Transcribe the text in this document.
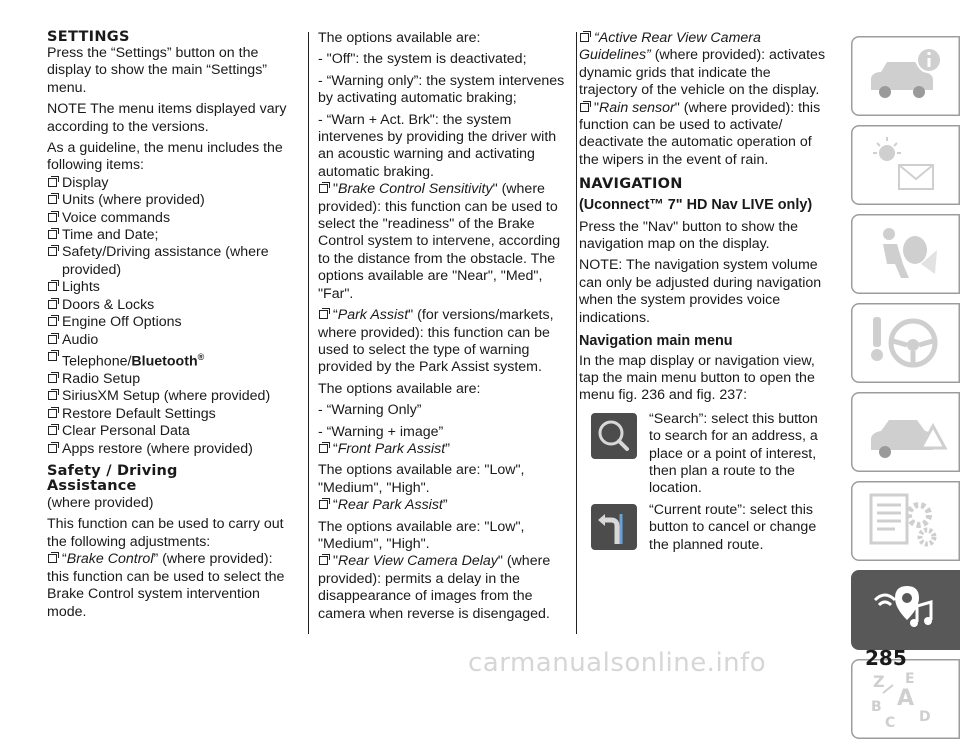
SETTINGS

Press the “Settings” button on the display to show the main “Settings” menu.

NOTE The menu items displayed vary according to the versions.

As a guideline, the menu includes the following items:

Display
Units (where provided)
Voice commands
Time and Date;
Safety/Driving assistance (where provided)
Lights
Doors & Locks
Engine Off Options
Audio
Telephone/Bluetooth®
Radio Setup
SiriusXM Setup (where provided)
Restore Default Settings
Clear Personal Data
Apps restore (where provided)
Safety / Driving
Assistance

(where provided)

This function can be used to carry out the following adjustments:

“Brake Control” (where provided):

this function can be used to select the Brake Control system intervention mode.

The options available are:

- "Off": the system is deactivated;

- “Warning only”: the system intervenes by activating automatic braking;

- “Warn + Act. Brk": the system intervenes by providing the driver with an acoustic warning and activating automatic braking.

"Brake Control Sensitivity" (where provided): this function can be used to select the "readiness" of the Brake Control system to intervene, according to the distance from the obstacle. The options available are "Near", "Med", "Far".
“Park Assist" (for versions/markets, where provided): this function can be used to select the type of warning provided by the Park Assist system.

The options available are:

- “Warning Only”

- “Warning + image”

“Front Park Assist”

The options available are: "Low", "Medium", "High".

“Rear Park Assist”

The options available are: "Low", "Medium", "High".

"Rear View Camera Delay" (where provided): permits a delay in the disappearance of images from the camera when reverse is disengaged.
“Active Rear View Camera Guidelines” (where provided): activates dynamic grids that indicate the trajectory of the vehicle on the display.
"Rain sensor" (where provided): this function can be used to activate/ deactivate the automatic operation of the wipers in the event of rain.
NAVIGATION

(Uconnect™ 7" HD Nav LIVE only)

Press the "Nav" button to show the navigation map on the display.

NOTE: The navigation system volume can only be adjusted during navigation when the system provides voice indications.

Navigation main menu

In the map display or navigation view, tap the main menu button to open the menu fig. 236 and fig. 237:

“Search”: select this button to search for an address, a place or a point of interest, then plan a route to the location.
“Current route”: select this button to cancel or change the planned route.
Z E
A
B
C D
carmanualsonline.info	285
